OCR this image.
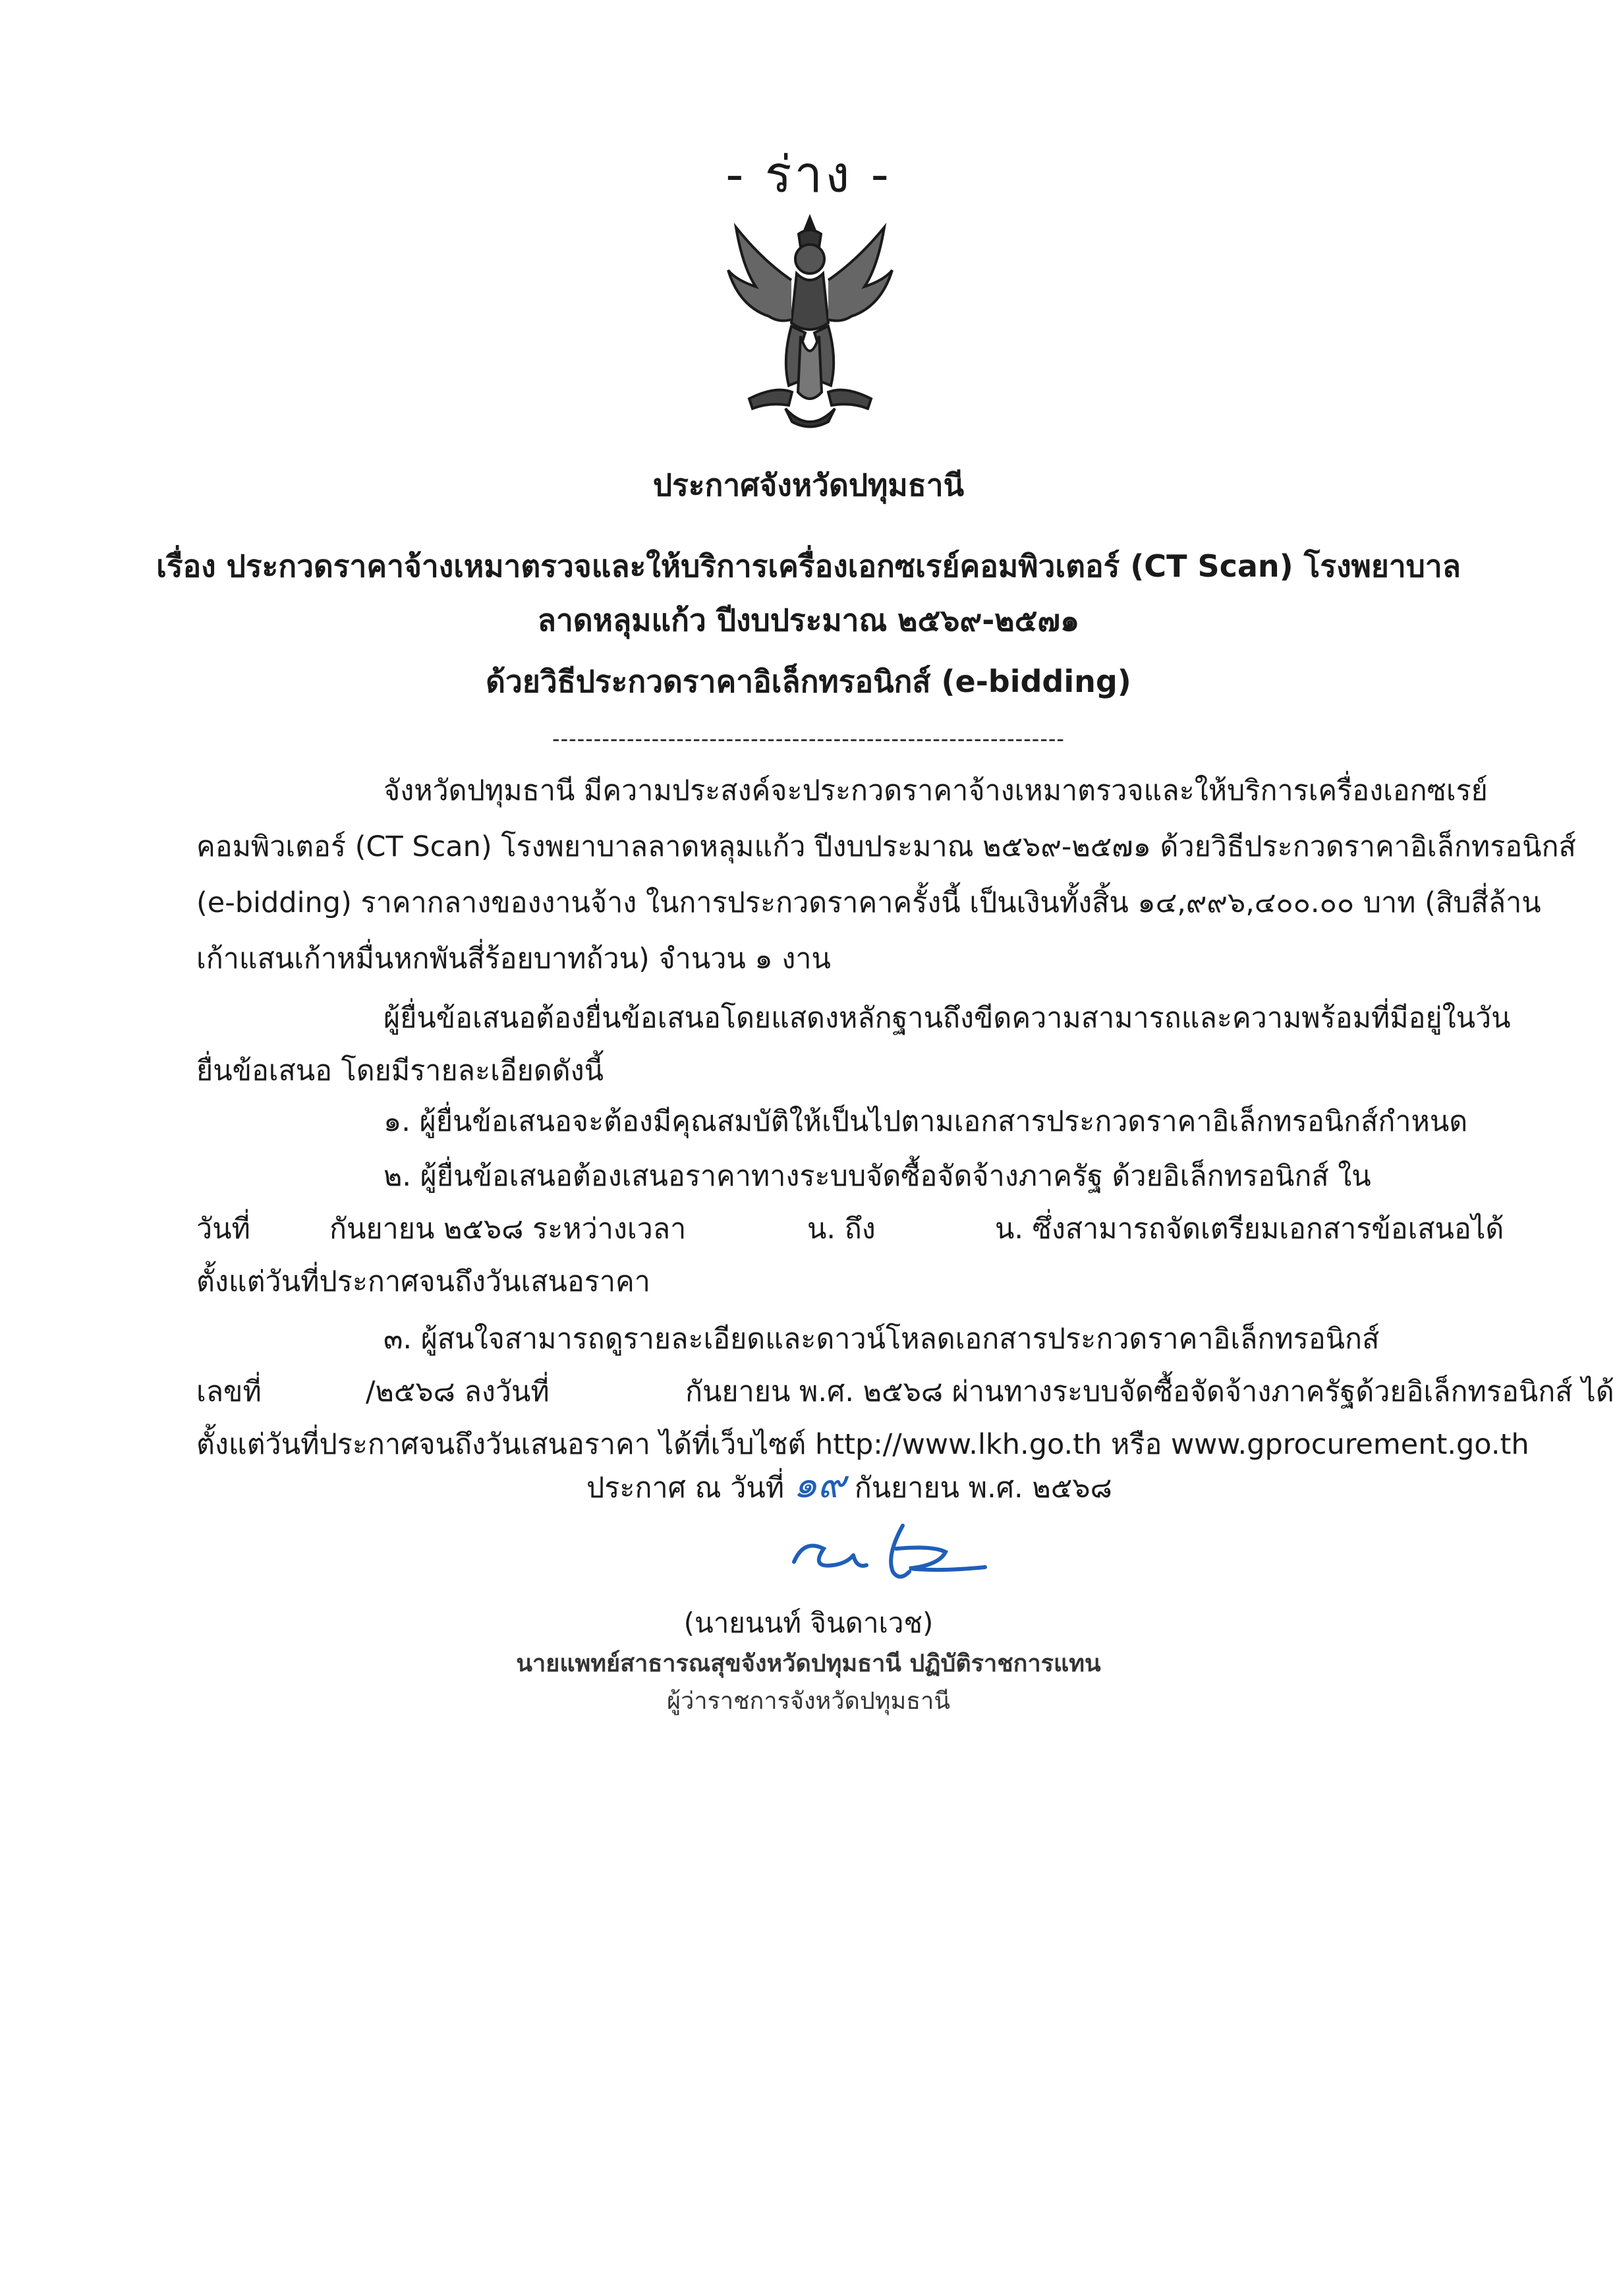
- ร่าง -
ประกาศจังหวัดปทุมธานี
เรื่อง ประกวดราคาจ้างเหมาตรวจและให้บริการเครื่องเอกซเรย์คอมพิวเตอร์ (CT Scan) โรงพยาบาล
ลาดหลุมแก้ว ปีงบประมาณ ๒๕๖๙-๒๕๗๑
ด้วยวิธีประกวดราคาอิเล็กทรอนิกส์ (e-bidding)
--------------------------------------------------------------
จังหวัดปทุมธานี มีความประสงค์จะประกวดราคาจ้างเหมาตรวจและให้บริการเครื่องเอกซเรย์
คอมพิวเตอร์ (CT Scan) โรงพยาบาลลาดหลุมแก้ว ปีงบประมาณ ๒๕๖๙-๒๕๗๑ ด้วยวิธีประกวดราคาอิเล็กทรอนิกส์
(e-bidding) ราคากลางของงานจ้าง ในการประกวดราคาครั้งนี้ เป็นเงินทั้งสิ้น ๑๔,๙๙๖,๔๐๐.๐๐ บาท (สิบสี่ล้าน
เก้าแสนเก้าหมื่นหกพันสี่ร้อยบาทถ้วน) จำนวน ๑ งาน
ผู้ยื่นข้อเสนอต้องยื่นข้อเสนอโดยแสดงหลักฐานถึงขีดความสามารถและความพร้อมที่มีอยู่ในวัน
ยื่นข้อเสนอ โดยมีรายละเอียดดังนี้
๑. ผู้ยื่นข้อเสนอจะต้องมีคุณสมบัติให้เป็นไปตามเอกสารประกวดราคาอิเล็กทรอนิกส์กำหนด
๒. ผู้ยื่นข้อเสนอต้องเสนอราคาทางระบบจัดซื้อจัดจ้างภาครัฐ ด้วยอิเล็กทรอนิกส์ ใน
วันที่	กันยายน ๒๕๖๘ ระหว่างเวลา	น. ถึง	น. ซึ่งสามารถจัดเตรียมเอกสารข้อเสนอได้
ตั้งแต่วันที่ประกาศจนถึงวันเสนอราคา
๓. ผู้สนใจสามารถดูรายละเอียดและดาวน์โหลดเอกสารประกวดราคาอิเล็กทรอนิกส์
เลขที่	/๒๕๖๘ ลงวันที่	กันยายน พ.ศ. ๒๕๖๘ ผ่านทางระบบจัดซื้อจัดจ้างภาครัฐด้วยอิเล็กทรอนิกส์ ได้
ตั้งแต่วันที่ประกาศจนถึงวันเสนอราคา ได้ที่เว็บไซต์ http://www.lkh.go.th หรือ www.gprocurement.go.th
ประกาศ ณ วันที่ ๑๙ กันยายน พ.ศ. ๒๕๖๘
(นายนนท์ จินดาเวช)
นายแพทย์สาธารณสุขจังหวัดปทุมธานี ปฏิบัติราชการแทน
ผู้ว่าราชการจังหวัดปทุมธานี
